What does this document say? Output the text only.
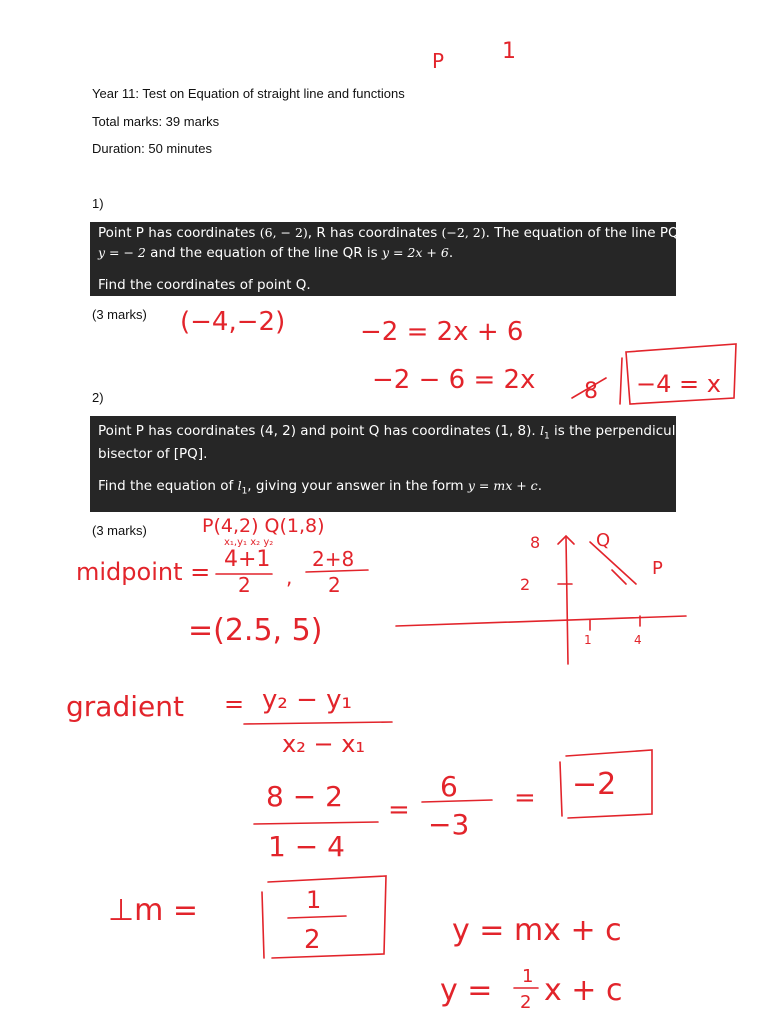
Year 11: Test on Equation of straight line and functions
Total marks: 39 marks
Duration: 50 minutes
1)
Point P has coordinates (6, − 2), R has coordinates (−2, 2). The equation of the line PQ is
y = − 2 and the equation of the line QR is y = 2x + 6.
Find the coordinates of point Q.
(3 marks)
2)
Point P has coordinates (4, 2) and point Q has coordinates (1, 8). $l_1$ is the perpendicular
bisector of [PQ].
Find the equation of $l_1$, giving your answer in the form y = mx + c.
(3 marks)
P	1
(−4,−2)	−2 = 2x + 6
−2 − 6 = 2x 8 −4 = x
P(4,2) Q(1,8)
x₁,y₁ x₂ y₂
midpoint = 4+1
2 ,
2+8
2
=(2.5, 5)
8
2
1	4
Q
P
gradient = y₂ − y₁
x₂ − x₁
8 − 2
1 − 4
=
6
−3
= −2
⊥m =	1
2	y = mx + c
y = 1
2 x + c
